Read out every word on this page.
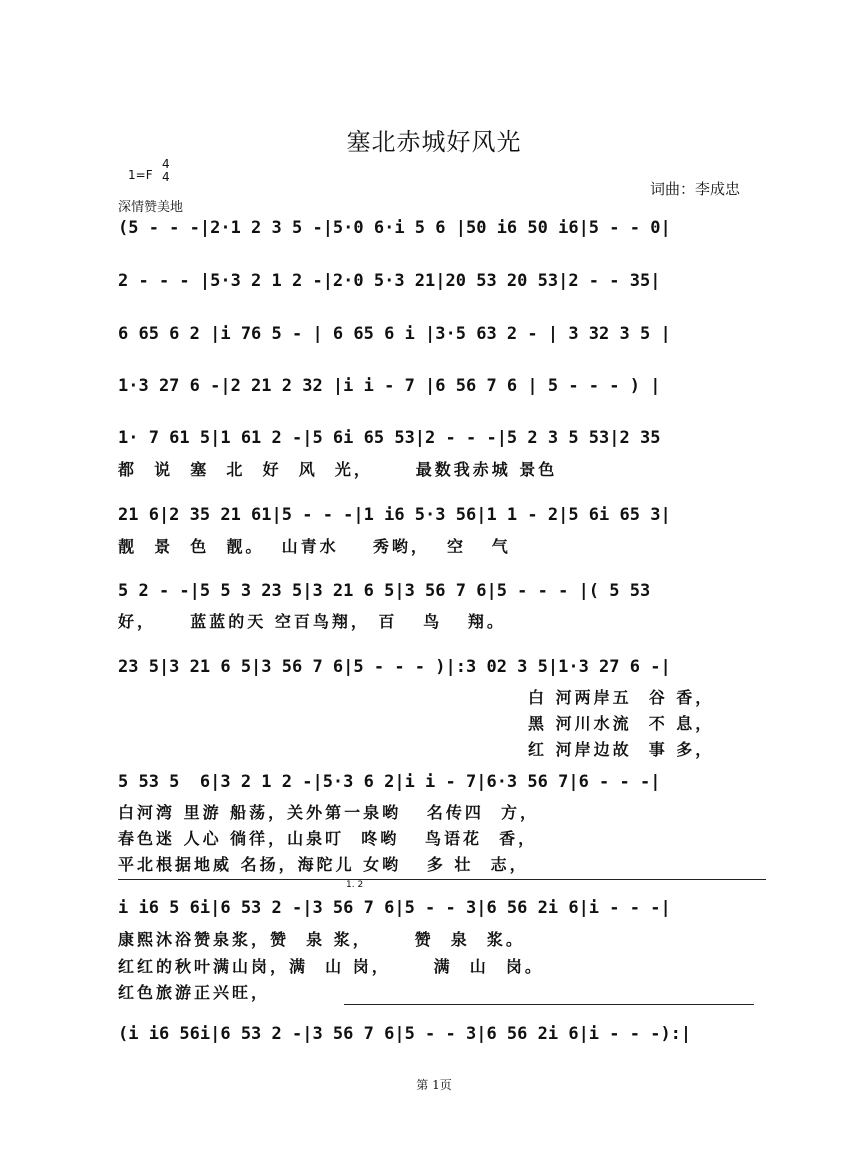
塞北赤城好风光
1=F
4
4
深情赞美地
词曲：李成忠
(5 - - -|2·1 2 3 5 -|5·0 6·i 5 6 |50 i6 50 i6|5 - - 0|
2 - - - |5·3 2 1 2 -|2·0 5·3 21|20 53 20 53|2 - - 35|
6 65 6 2 |i 76 5 - | 6 65 6 i |3·5 63 2 - | 3 32 3 5 |
1·3 27 6 -|2 21 2 32 |i i - 7 |6 56 7 6 | 5 - - - ) |
1· 7 61 5|1 61 2 -|5 6i 65 53|2 - - -|5 2 3 5 53|2 35
都  说  塞  北  好  风  光，     最数我赤城 景色
21 6|2 35 21 61|5 - - -|1 i6 5·3 56|1 1 - 2|5 6i 65 3|
靓  景  色  靓。  山青水    秀哟，  空   气
5 2 - -|5 5 3 23 5|3 21 6 5|3 56 7 6|5 - - - |( 5 53
好，    蓝蓝的天 空百鸟翔， 百   鸟   翔。
23 5|3 21 6 5|3 56 7 6|5 - - - )|:3 02 3 5|1·3 27 6 -|
白 河两岸五  谷 香，
黑 河川水流  不 息，
红 河岸边故  事 多，
5 53 5  6|3 2 1 2 -|5·3 6 2|i i - 7|6·3 56 7|6 - - -|
白河湾 里游 船荡，关外第一泉哟   名传四  方，
春色迷 人心 徜徉，山泉叮  咚哟   鸟语花  香，
平北根据地威 名扬，海陀儿 女哟   多 壮  志，
1. 2
i i6 5 6i|6 53 2 -|3 56 7 6|5 - - 3|6 56 2i 6|i - - -|
康熙沐浴赞泉浆，赞  泉 浆，     赞  泉  浆。
红红的秋叶满山岗，满  山 岗，     满  山  岗。
红色旅游正兴旺，
(i i6 56i|6 53 2 -|3 56 7 6|5 - - 3|6 56 2i 6|i - - -):|
第 1页
